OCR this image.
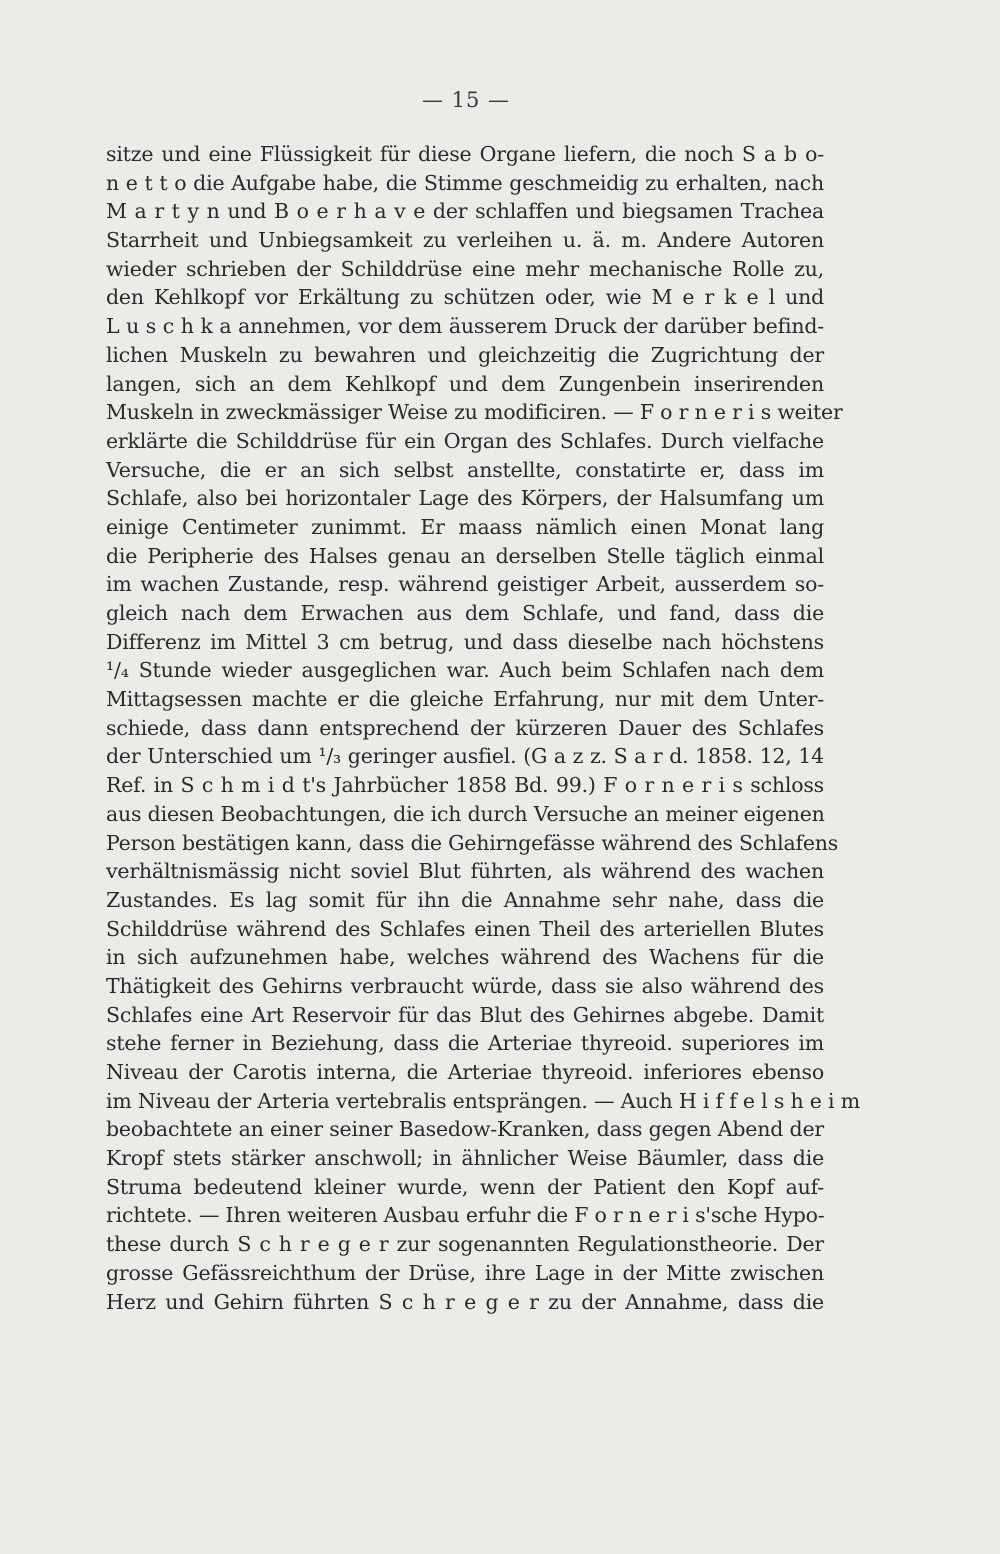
— 15 —
sitze und eine Flüssigkeit für diese Organe liefern, die noch S a b o-
n e t t o die Aufgabe habe, die Stimme geschmeidig zu erhalten, nach
M a r t y n und B o e r h a v e der schlaffen und biegsamen Trachea
Starrheit und Unbiegsamkeit zu verleihen u. ä. m. Andere Autoren
wieder schrieben der Schilddrüse eine mehr mechanische Rolle zu,
den Kehlkopf vor Erkältung zu schützen oder, wie M e r k e l und
L u s c h k a annehmen, vor dem äusserem Druck der darüber befind-
lichen Muskeln zu bewahren und gleichzeitig die Zugrichtung der
langen, sich an dem Kehlkopf und dem Zungenbein inserirenden
Muskeln in zweckmässiger Weise zu modificiren. — F o r n e r i s weiter
erklärte die Schilddrüse für ein Organ des Schlafes. Durch vielfache
Versuche, die er an sich selbst anstellte, constatirte er, dass im
Schlafe, also bei horizontaler Lage des Körpers, der Halsumfang um
einige Centimeter zunimmt. Er maass nämlich einen Monat lang
die Peripherie des Halses genau an derselben Stelle täglich einmal
im wachen Zustande, resp. während geistiger Arbeit, ausserdem so-
gleich nach dem Erwachen aus dem Schlafe, und fand, dass die
Differenz im Mittel 3 cm betrug, und dass dieselbe nach höchstens
¹/₄ Stunde wieder ausgeglichen war. Auch beim Schlafen nach dem
Mittagsessen machte er die gleiche Erfahrung, nur mit dem Unter-
schiede, dass dann entsprechend der kürzeren Dauer des Schlafes
der Unterschied um ¹/₃ geringer ausfiel. (G a z z. S a r d. 1858. 12, 14
Ref. in S c h m i d t's Jahrbücher 1858 Bd. 99.) F o r n e r i s schloss
aus diesen Beobachtungen, die ich durch Versuche an meiner eigenen
Person bestätigen kann, dass die Gehirngefässe während des Schlafens
verhältnismässig nicht soviel Blut führten, als während des wachen
Zustandes. Es lag somit für ihn die Annahme sehr nahe, dass die
Schilddrüse während des Schlafes einen Theil des arteriellen Blutes
in sich aufzunehmen habe, welches während des Wachens für die
Thätigkeit des Gehirns verbraucht würde, dass sie also während des
Schlafes eine Art Reservoir für das Blut des Gehirnes abgebe. Damit
stehe ferner in Beziehung, dass die Arteriae thyreoid. superiores im
Niveau der Carotis interna, die Arteriae thyreoid. inferiores ebenso
im Niveau der Arteria vertebralis entsprängen. — Auch H i f f e l s h e i m
beobachtete an einer seiner Basedow-Kranken, dass gegen Abend der
Kropf stets stärker anschwoll; in ähnlicher Weise Bäumler, dass die
Struma bedeutend kleiner wurde, wenn der Patient den Kopf auf-
richtete. — Ihren weiteren Ausbau erfuhr die F o r n e r i s'sche Hypo-
these durch S c h r e g e r zur sogenannten Regulationstheorie. Der
grosse Gefässreichthum der Drüse, ihre Lage in der Mitte zwischen
Herz und Gehirn führten S c h r e g e r zu der Annahme, dass die
